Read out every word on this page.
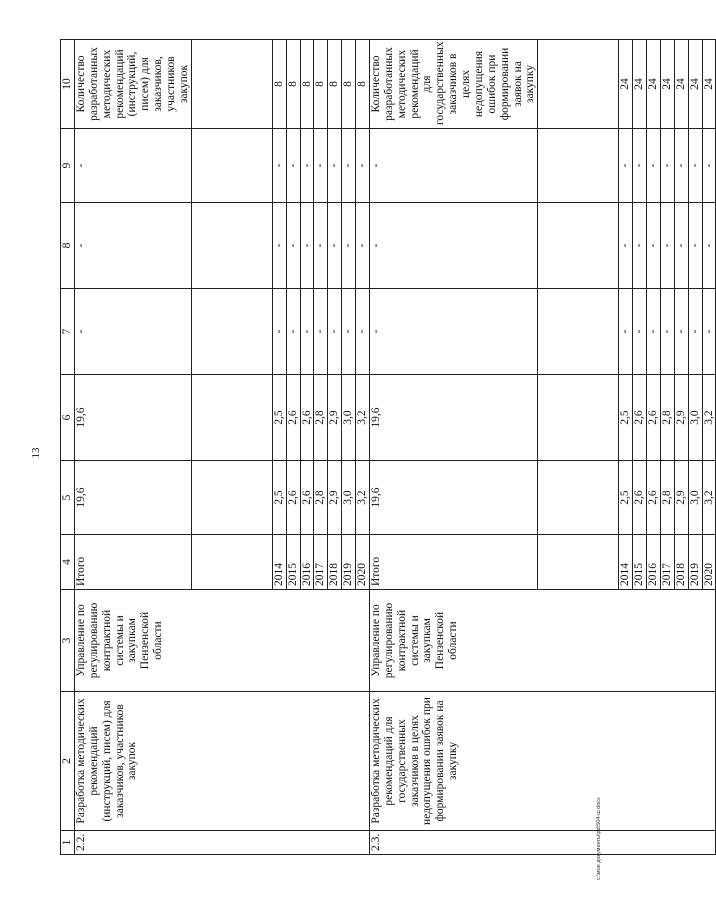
13
1	2	3	4	5	6	7	8	9	10
2.2.	Разработка методических рекомендаций (инструкций, писем) для заказчиков, участников закупок	Управление по регулированию контрактной системы и закупкам Пензенской области	Итого	19,6	19,6	-	-	-	Количество разработанных методических рекомендаций (инструкций, писем) для заказчиков, участников закупок

			2014	2,5	2,5	-	-	-	8
			2015	2,6	2,6	-	-	-	8
			2016	2,6	2,6	-	-	-	8
			2017	2,8	2,8	-	-	-	8
			2018	2,9	2,9	-	-	-	8
			2019	3,0	3,0	-	-	-	8
			2020	3,2	3,2	-	-	-	8
2.3.	Разработка методических рекомендаций для государственных заказчиков в целях недопущения ошибок при формировании заявок на закупку	Управление по регулированию контрактной системы и закупкам Пензенской области	Итого	19,6	19,6	-	-	-	Количество разработанных методических рекомендаций для государственных заказчиков в целях недопущения ошибок при формировании заявок на закупку

			2014	2,5	2,5	-	-	-	24
			2015	2,6	2,6	-	-	-	24
			2016	2,6	2,6	-	-	-	24
			2017	2,8	2,8	-	-	-	24
			2018	2,9	2,9	-	-	-	24
			2019	3,0	3,0	-	-	-	24
			2020	3,2	3,2	-	-	-	24
c:\мои документы\pd\504-ш.docx
